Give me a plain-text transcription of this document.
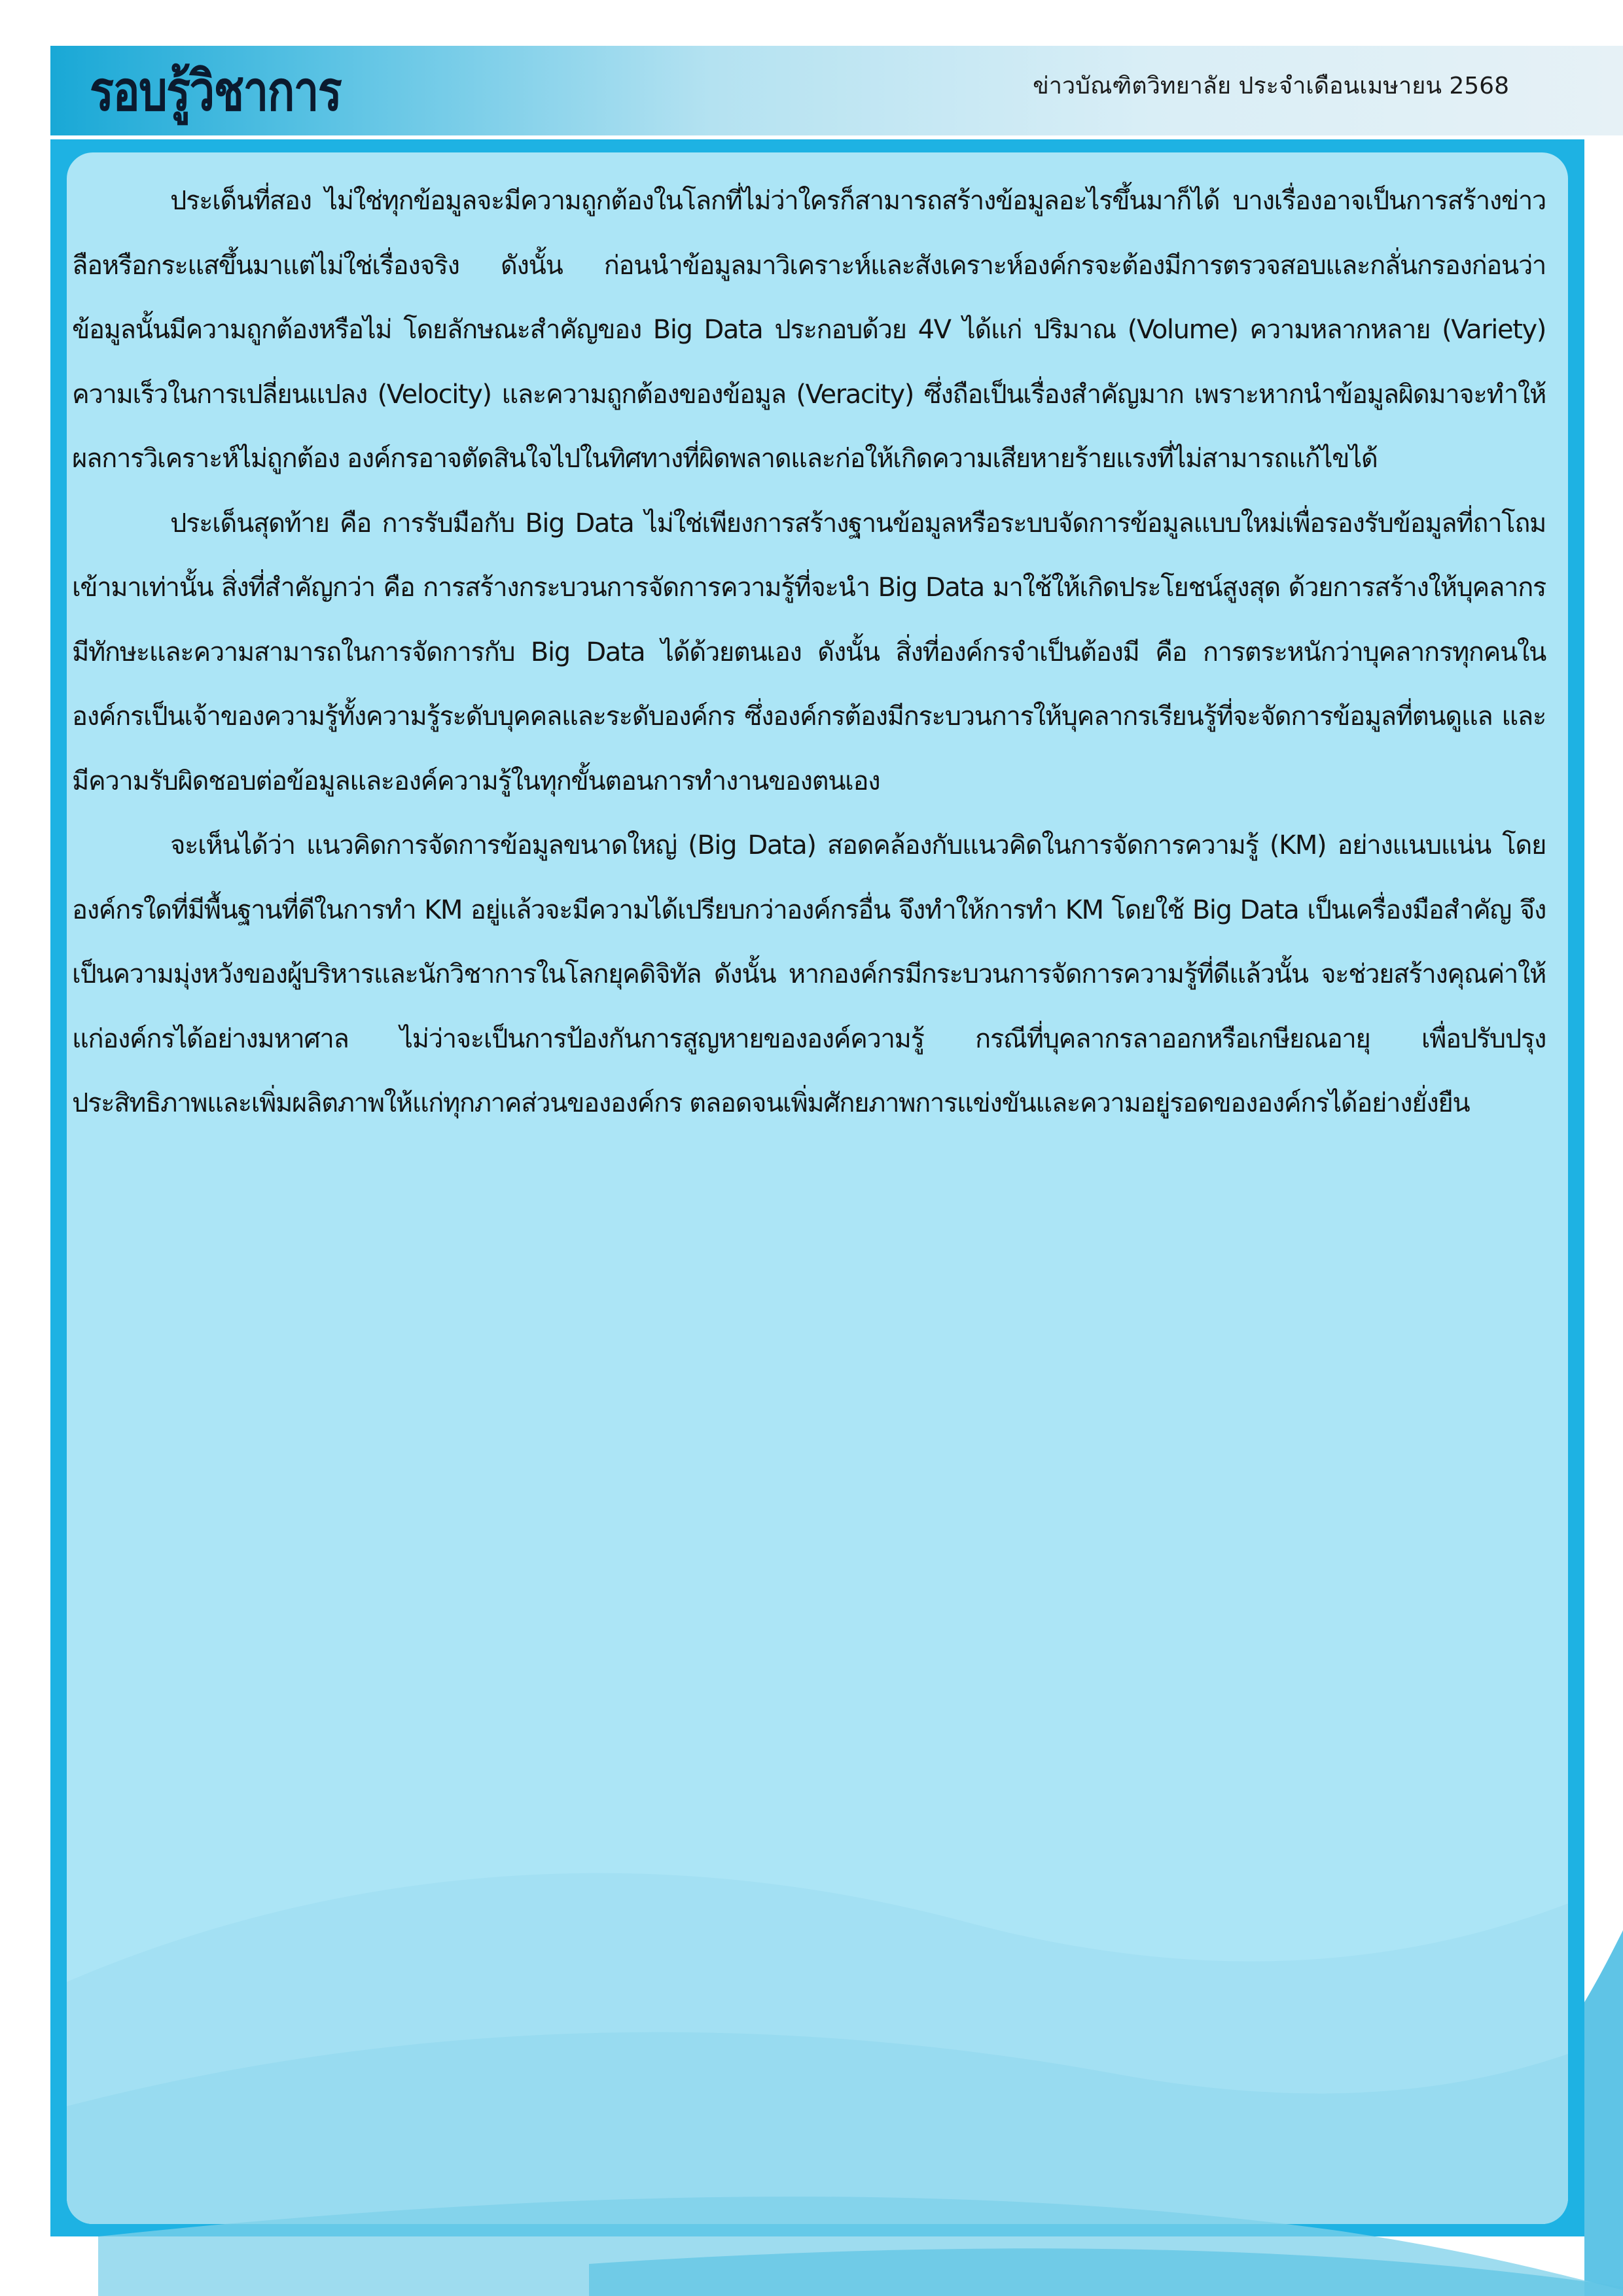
รอบรู้วิชาการ	ข่าวบัณฑิตวิทยาลัย ประจำเดือนเมษายน 2568

ประเด็นที่สอง ไม่ใช่ทุกข้อมูลจะมีความถูกต้องในโลกที่ไม่ว่าใครก็สามารถสร้างข้อมูลอะไรขึ้นมาก็ได้ บางเรื่องอาจเป็นการสร้างข่าวลือหรือกระแสขึ้นมาแต่ไม่ใช่เรื่องจริง ดังนั้น ก่อนนำข้อมูลมาวิเคราะห์และสังเคราะห์องค์กรจะต้องมีการตรวจสอบและกลั่นกรองก่อนว่า ข้อมูลนั้นมีความถูกต้องหรือไม่ โดยลักษณะสำคัญของ Big Data ประกอบด้วย 4V ได้แก่ ปริมาณ (Volume) ความหลากหลาย (Variety) ความเร็วในการเปลี่ยนแปลง (Velocity) และความถูกต้องของข้อมูล (Veracity) ซึ่งถือเป็นเรื่องสำคัญมาก เพราะหากนำข้อมูลผิดมาจะทำให้ผลการวิเคราะห์ไม่ถูกต้อง องค์กรอาจตัดสินใจไปในทิศทางที่ผิดพลาดและก่อให้เกิดความเสียหายร้ายแรงที่ไม่สามารถแก้ไขได้

ประเด็นสุดท้าย คือ การรับมือกับ Big Data ไม่ใช่เพียงการสร้างฐานข้อมูลหรือระบบจัดการข้อมูลแบบใหม่เพื่อรองรับข้อมูลที่ถาโถมเข้ามาเท่านั้น สิ่งที่สำคัญกว่า คือ การสร้างกระบวนการจัดการความรู้ที่จะนำ Big Data มาใช้ให้เกิดประโยชน์สูงสุด ด้วยการสร้างให้บุคลากรมีทักษะและความสามารถในการจัดการกับ Big Data ได้ด้วยตนเอง ดังนั้น สิ่งที่องค์กรจำเป็นต้องมี คือ การตระหนักว่าบุคลากรทุกคนในองค์กรเป็นเจ้าของความรู้ทั้งความรู้ระดับบุคคลและระดับองค์กร ซึ่งองค์กรต้องมีกระบวนการให้บุคลากรเรียนรู้ที่จะจัดการข้อมูลที่ตนดูแล และมีความรับผิดชอบต่อข้อมูลและองค์ความรู้ในทุกขั้นตอนการทำงานของตนเอง

จะเห็นได้ว่า แนวคิดการจัดการข้อมูลขนาดใหญ่ (Big Data) สอดคล้องกับแนวคิดในการจัดการความรู้ (KM) อย่างแนบแน่น โดยองค์กรใดที่มีพื้นฐานที่ดีในการทำ KM อยู่แล้วจะมีความได้เปรียบกว่าองค์กรอื่น จึงทำให้การทำ KM โดยใช้ Big Data เป็นเครื่องมือสำคัญ จึงเป็นความมุ่งหวังของผู้บริหารและนักวิชาการในโลกยุคดิจิทัล ดังนั้น หากองค์กรมีกระบวนการจัดการความรู้ที่ดีแล้วนั้น จะช่วยสร้างคุณค่าให้แก่องค์กรได้อย่างมหาศาล ไม่ว่าจะเป็นการป้องกันการสูญหายขององค์ความรู้ กรณีที่บุคลากรลาออกหรือเกษียณอายุ เพื่อปรับปรุงประสิทธิภาพและเพิ่มผลิตภาพให้แก่ทุกภาคส่วนขององค์กร ตลอดจนเพิ่มศักยภาพการแข่งขันและความอยู่รอดขององค์กรได้อย่างยั่งยืน
